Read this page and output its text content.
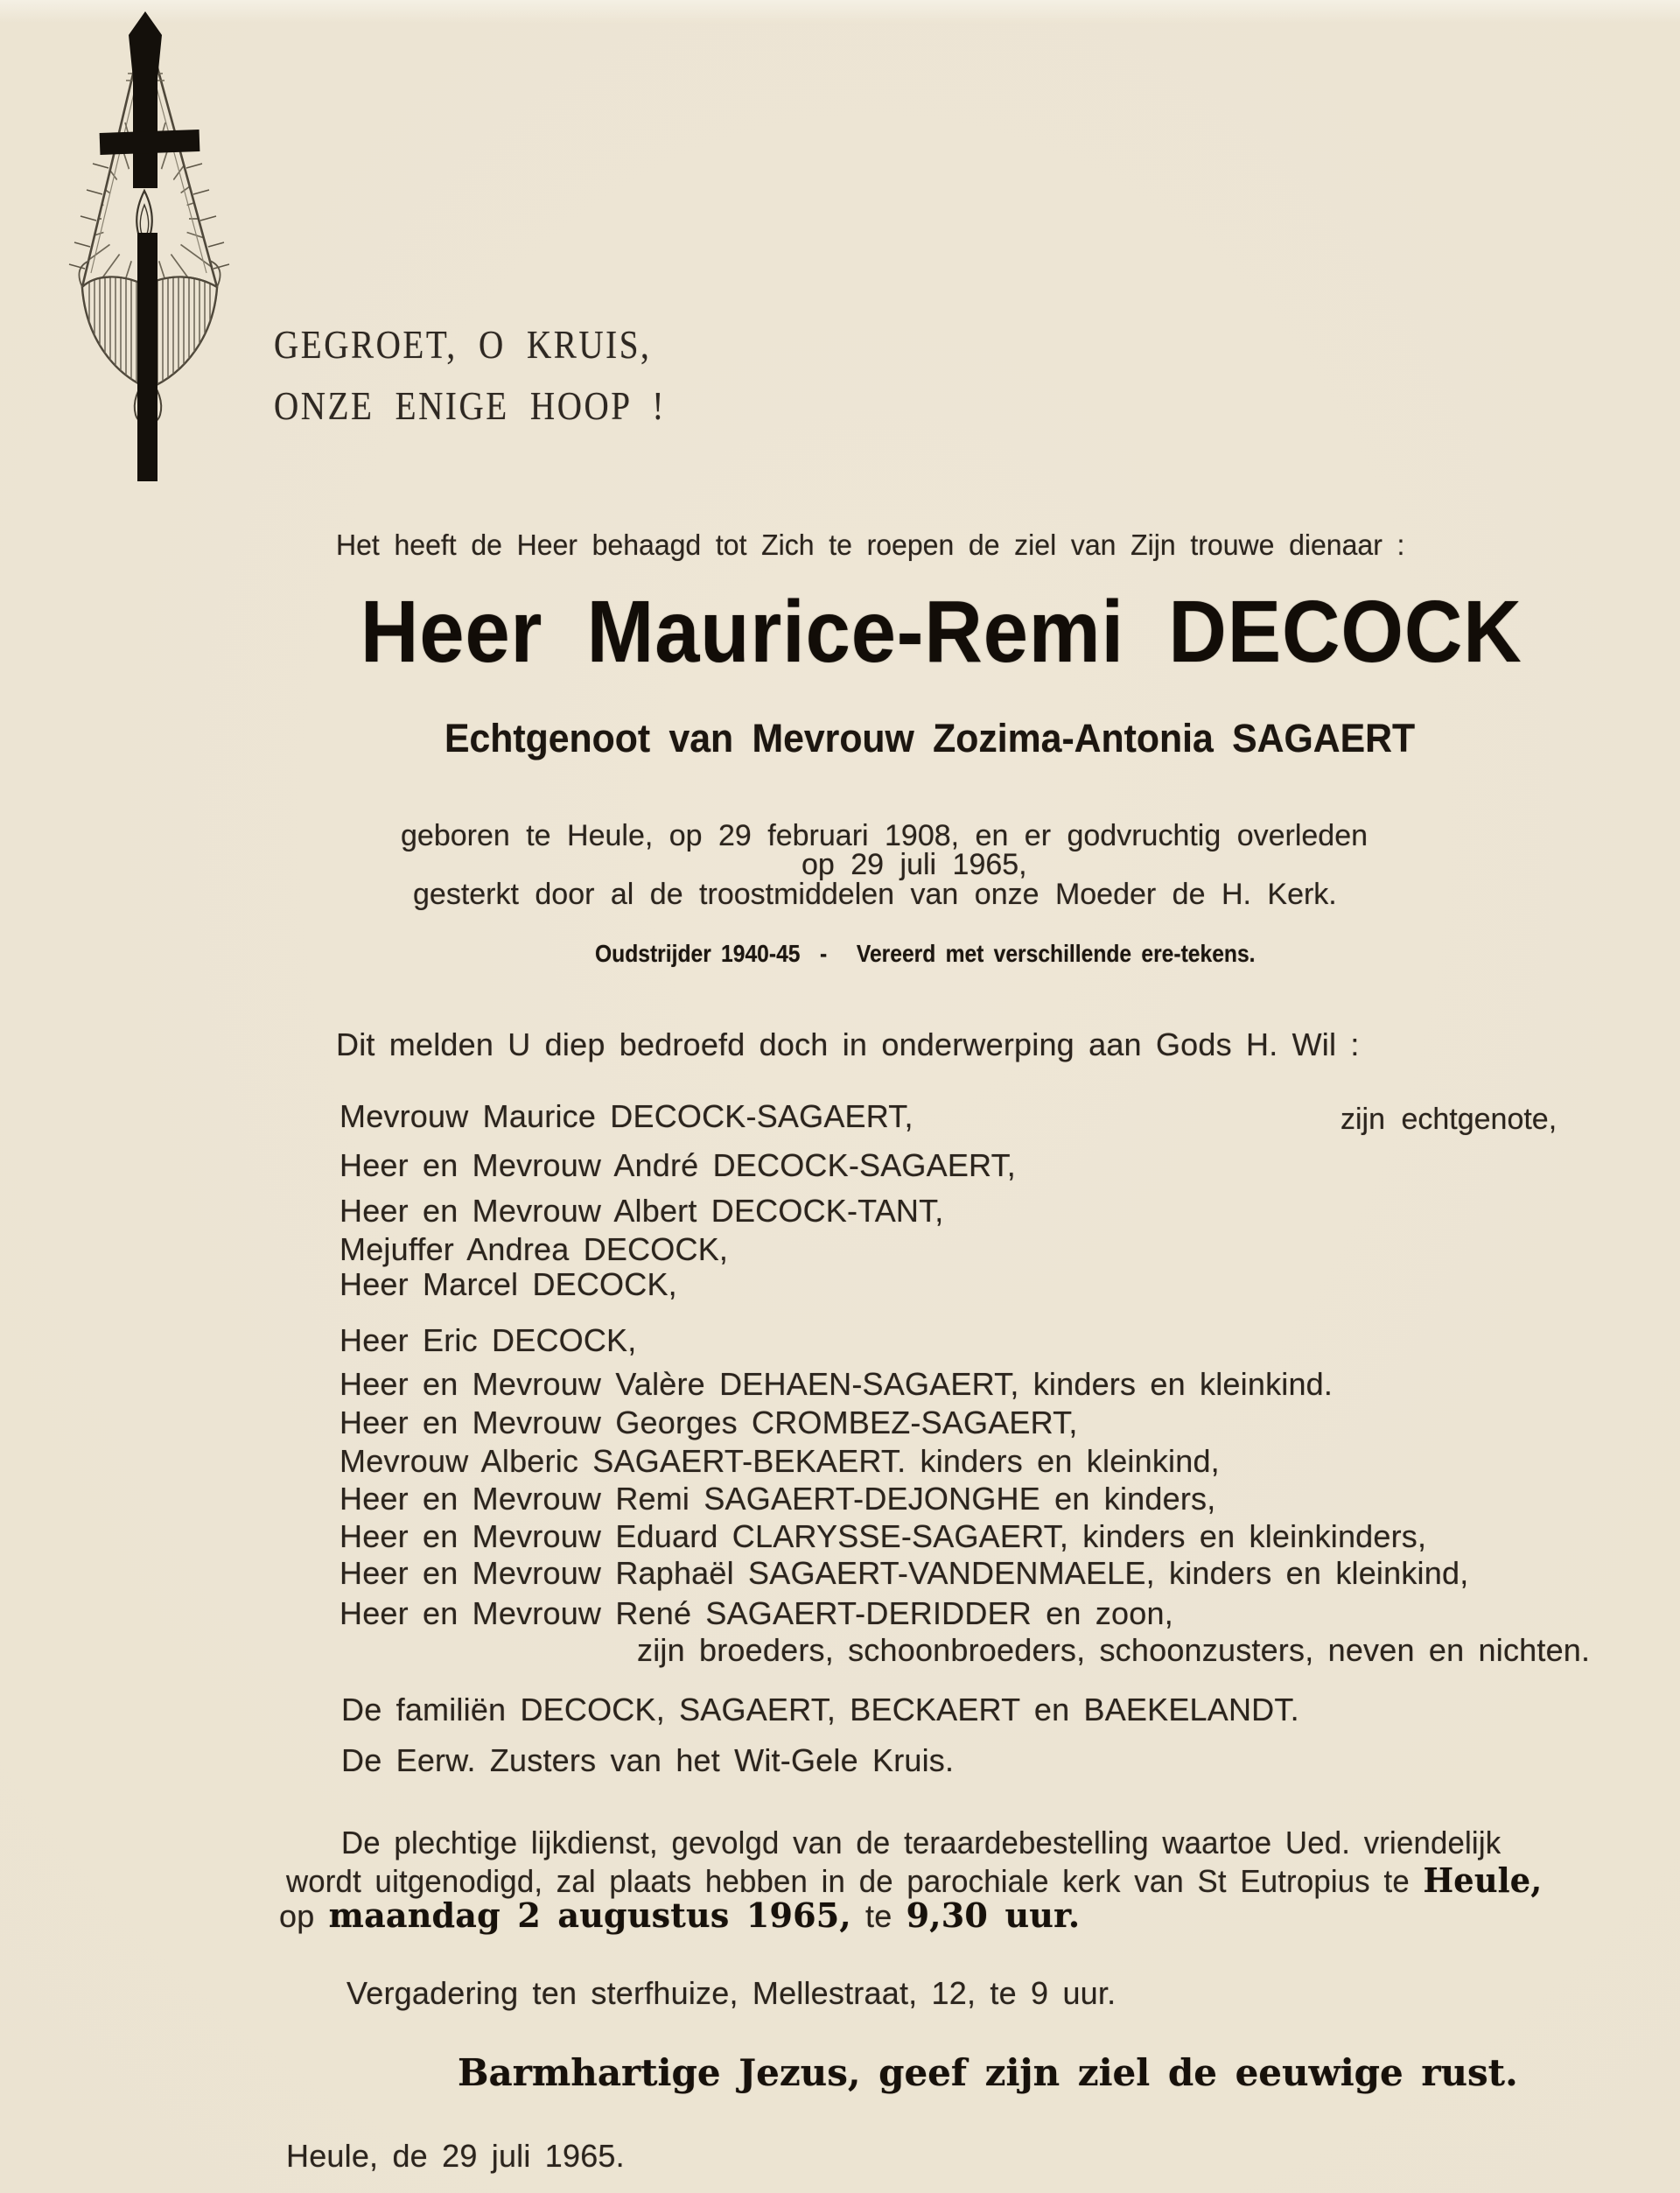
GEGROET, O KRUIS,
ONZE ENIGE HOOP !
Het heeft de Heer behaagd tot Zich te roepen de ziel van Zijn trouwe dienaar :
Heer Maurice-Remi DECOCK
Echtgenoot van Mevrouw Zozima-Antonia SAGAERT
geboren te Heule, op 29 februari 1908, en er godvruchtig overleden
op 29 juli 1965,
gesterkt door al de troostmiddelen van onze Moeder de H. Kerk.
Oudstrijder 1940-45  -   Vereerd met verschillende ere-tekens.
Dit melden U diep bedroefd doch in onderwerping aan Gods H. Wil :
Mevrouw Maurice DECOCK-SAGAERT,	zijn echtgenote,
Heer en Mevrouw André DECOCK-SAGAERT,
Heer en Mevrouw Albert DECOCK-TANT,
Mejuffer Andrea DECOCK,
Heer Marcel DECOCK,
Heer Eric DECOCK,
Heer en Mevrouw Valère DEHAEN-SAGAERT, kinders en kleinkind.
Heer en Mevrouw Georges CROMBEZ-SAGAERT,
Mevrouw Alberic SAGAERT-BEKAERT. kinders en kleinkind,
Heer en Mevrouw Remi SAGAERT-DEJONGHE en kinders,
Heer en Mevrouw Eduard CLARYSSE-SAGAERT, kinders en kleinkinders,
Heer en Mevrouw Raphaël SAGAERT-VANDENMAELE, kinders en kleinkind,
Heer en Mevrouw René SAGAERT-DERIDDER en zoon,
zijn broeders, schoonbroeders, schoonzusters, neven en nichten.
De familiën DECOCK, SAGAERT, BECKAERT en BAEKELANDT.
De Eerw. Zusters van het Wit-Gele Kruis.
De plechtige lijkdienst, gevolgd van de teraardebestelling waartoe Ued. vriendelijk
wordt uitgenodigd, zal plaats hebben in de parochiale kerk van St Eutropius te Heule,
op maandag 2 augustus 1965, te 9,30 uur.
Vergadering ten sterfhuize, Mellestraat, 12, te 9 uur.
Barmhartige Jezus, geef zijn ziel de eeuwige rust.
Heule, de 29 juli 1965.
